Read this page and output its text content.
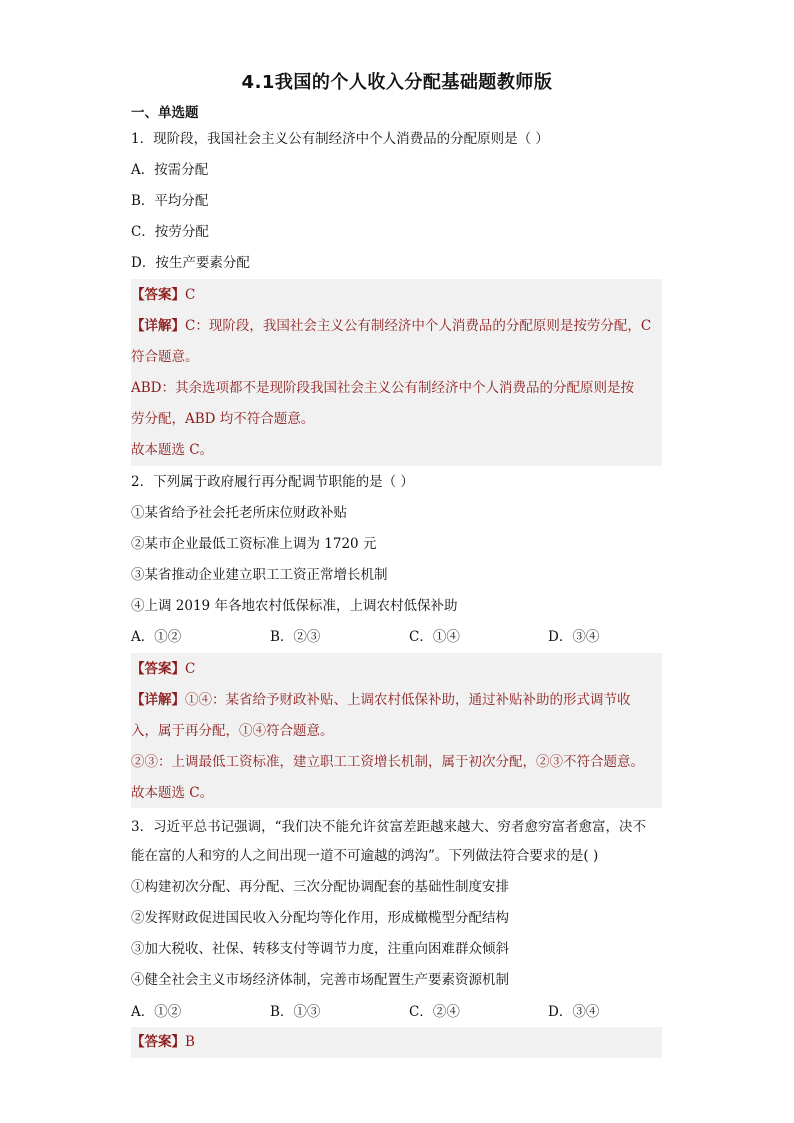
4.1我国的个人收入分配基础题教师版
一、单选题
1．现阶段，我国社会主义公有制经济中个人消费品的分配原则是（ ）
A．按需分配
B．平均分配
C．按劳分配
D．按生产要素分配
【答案】C
【详解】C：现阶段，我国社会主义公有制经济中个人消费品的分配原则是按劳分配，C
符合题意。
ABD：其余选项都不是现阶段我国社会主义公有制经济中个人消费品的分配原则是按
劳分配，ABD 均不符合题意。
故本题选 C。
2．下列属于政府履行再分配调节职能的是（ ）
①某省给予社会托老所床位财政补贴
②某市企业最低工资标准上调为 1720 元
③某省推动企业建立职工工资正常增长机制
④上调 2019 年各地农村低保标准，上调农村低保补助
A．①②	B．②③	C．①④	D．③④
【答案】C
【详解】①④：某省给予财政补贴、上调农村低保补助，通过补贴补助的形式调节收
入，属于再分配，①④符合题意。
②③：上调最低工资标准，建立职工工资增长机制，属于初次分配，②③不符合题意。
故本题选 C。
3．习近平总书记强调，“我们决不能允许贫富差距越来越大、穷者愈穷富者愈富，决不
能在富的人和穷的人之间出现一道不可逾越的鸿沟”。下列做法符合要求的是( )
①构建初次分配、再分配、三次分配协调配套的基础性制度安排
②发挥财政促进国民收入分配均等化作用，形成橄榄型分配结构
③加大税收、社保、转移支付等调节力度，注重向困难群众倾斜
④健全社会主义市场经济体制，完善市场配置生产要素资源机制
A．①②	B．①③	C．②④	D．③④
【答案】B
